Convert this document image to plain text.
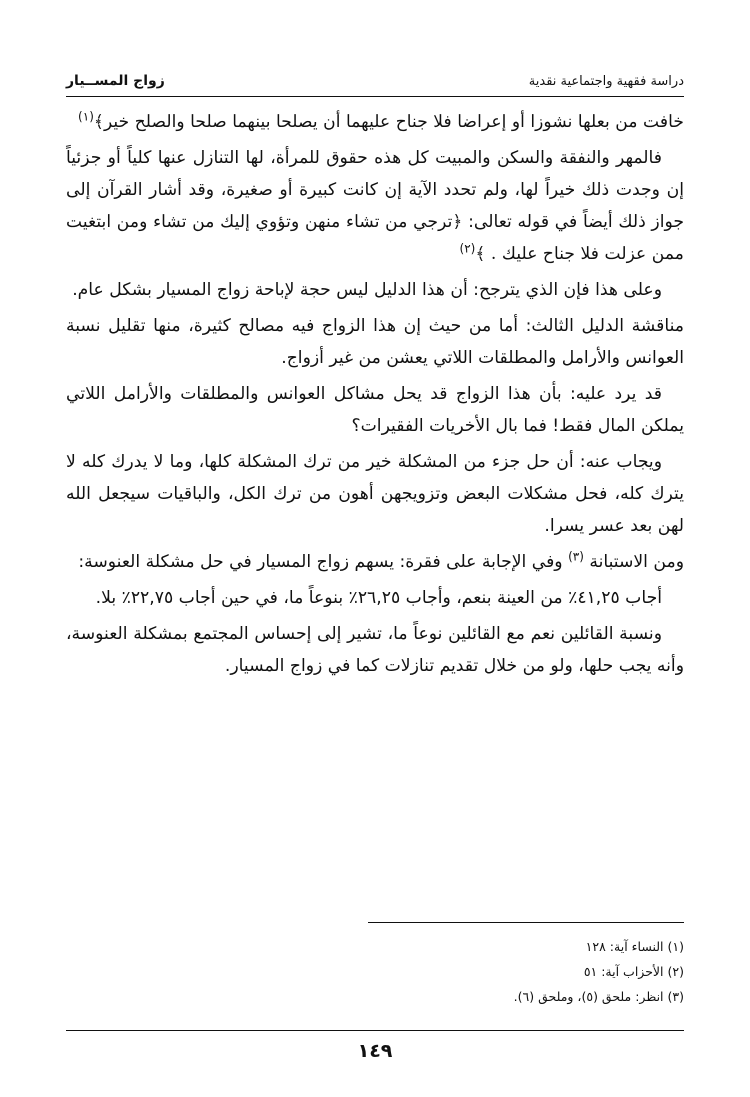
دراسة فقهية واجتماعية نقدية
زواج المســيار

خافت من بعلها نشوزا أو إعراضا فلا جناح عليهما أن يصلحا بينهما صلحا والصلح خير﴾$^{(١)}$

فالمهر والنفقة والسكن والمبيت كل هذه حقوق للمرأة، لها التنازل عنها كلياً أو جزئياً إن وجدت ذلك خيراً لها، ولم تحدد الآية إن كانت كبيرة أو صغيرة، وقد أشار القرآن إلى جواز ذلك أيضاً في قوله تعالى: ﴿ترجي من تشاء منهن وتؤوي إليك من تشاء ومن ابتغيت ممن عزلت فلا جناح عليك . ﴾$^{(٢)}$

وعلى هذا فإن الذي يترجح: أن هذا الدليل ليس حجة لإباحة زواج المسيار بشكل عام.

مناقشة الدليل الثالث: أما من حيث إن هذا الزواج فيه مصالح كثيرة، منها تقليل نسبة العوانس والأرامل والمطلقات اللاتي يعشن من غير أزواج.

قد يرد عليه: بأن هذا الزواج قد يحل مشاكل العوانس والمطلقات والأرامل اللاتي يملكن المال فقط! فما بال الأخريات الفقيرات؟

ويجاب عنه: أن حل جزء من المشكلة خير من ترك المشكلة كلها، وما لا يدرك كله لا يترك كله، فحل مشكلات البعض وتزويجهن أهون من ترك الكل، والباقيات سيجعل الله لهن بعد عسر يسرا.

ومن الاستبانة $^{(٣)}$ وفي الإجابة على فقرة: يسهم زواج المسيار في حل مشكلة العنوسة:

أجاب ٤١,٢٥٪ من العينة بنعم، وأجاب ٢٦,٢٥٪ بنوعاً ما، في حين أجاب ٢٢,٧٥٪ بلا.

ونسبة القائلين نعم مع القائلين نوعاً ما، تشير إلى إحساس المجتمع بمشكلة العنوسة، وأنه يجب حلها، ولو من خلال تقديم تنازلات كما في زواج المسيار.

(١) النساء آية: ١٢٨
(٢) الأحزاب آية: ٥١
(٣) انظر: ملحق (٥)، وملحق (٦).
١٤٩
